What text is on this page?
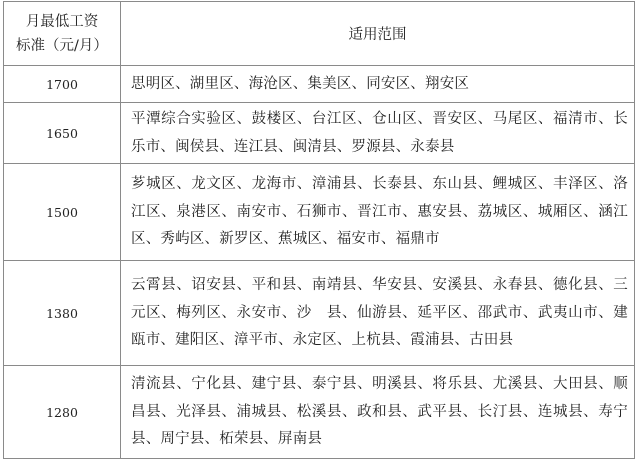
月最低工资
标准（元/月）	适用范围
1700	思明区、湖里区、海沧区、集美区、同安区、翔安区
1650	平潭综合实验区、鼓楼区、台江区、仓山区、晋安区、马尾区、福清市、长乐市、闽侯县、连江县、闽清县、罗源县、永泰县
1500	芗城区、龙文区、龙海市、漳浦县、长泰县、东山县、鲤城区、丰泽区、洛江区、泉港区、南安市、石狮市、晋江市、惠安县、荔城区、城厢区、涵江区、秀屿区、新罗区、蕉城区、福安市、福鼎市
1380	云霄县、诏安县、平和县、南靖县、华安县、安溪县、永春县、德化县、三元区、梅列区、永安市、沙　县、仙游县、延平区、邵武市、武夷山市、建瓯市、建阳区、漳平市、永定区、上杭县、霞浦县、古田县
1280	清流县、宁化县、建宁县、泰宁县、明溪县、将乐县、尤溪县、大田县、顺昌县、光泽县、浦城县、松溪县、政和县、武平县、长汀县、连城县、寿宁县、周宁县、柘荣县、屏南县
